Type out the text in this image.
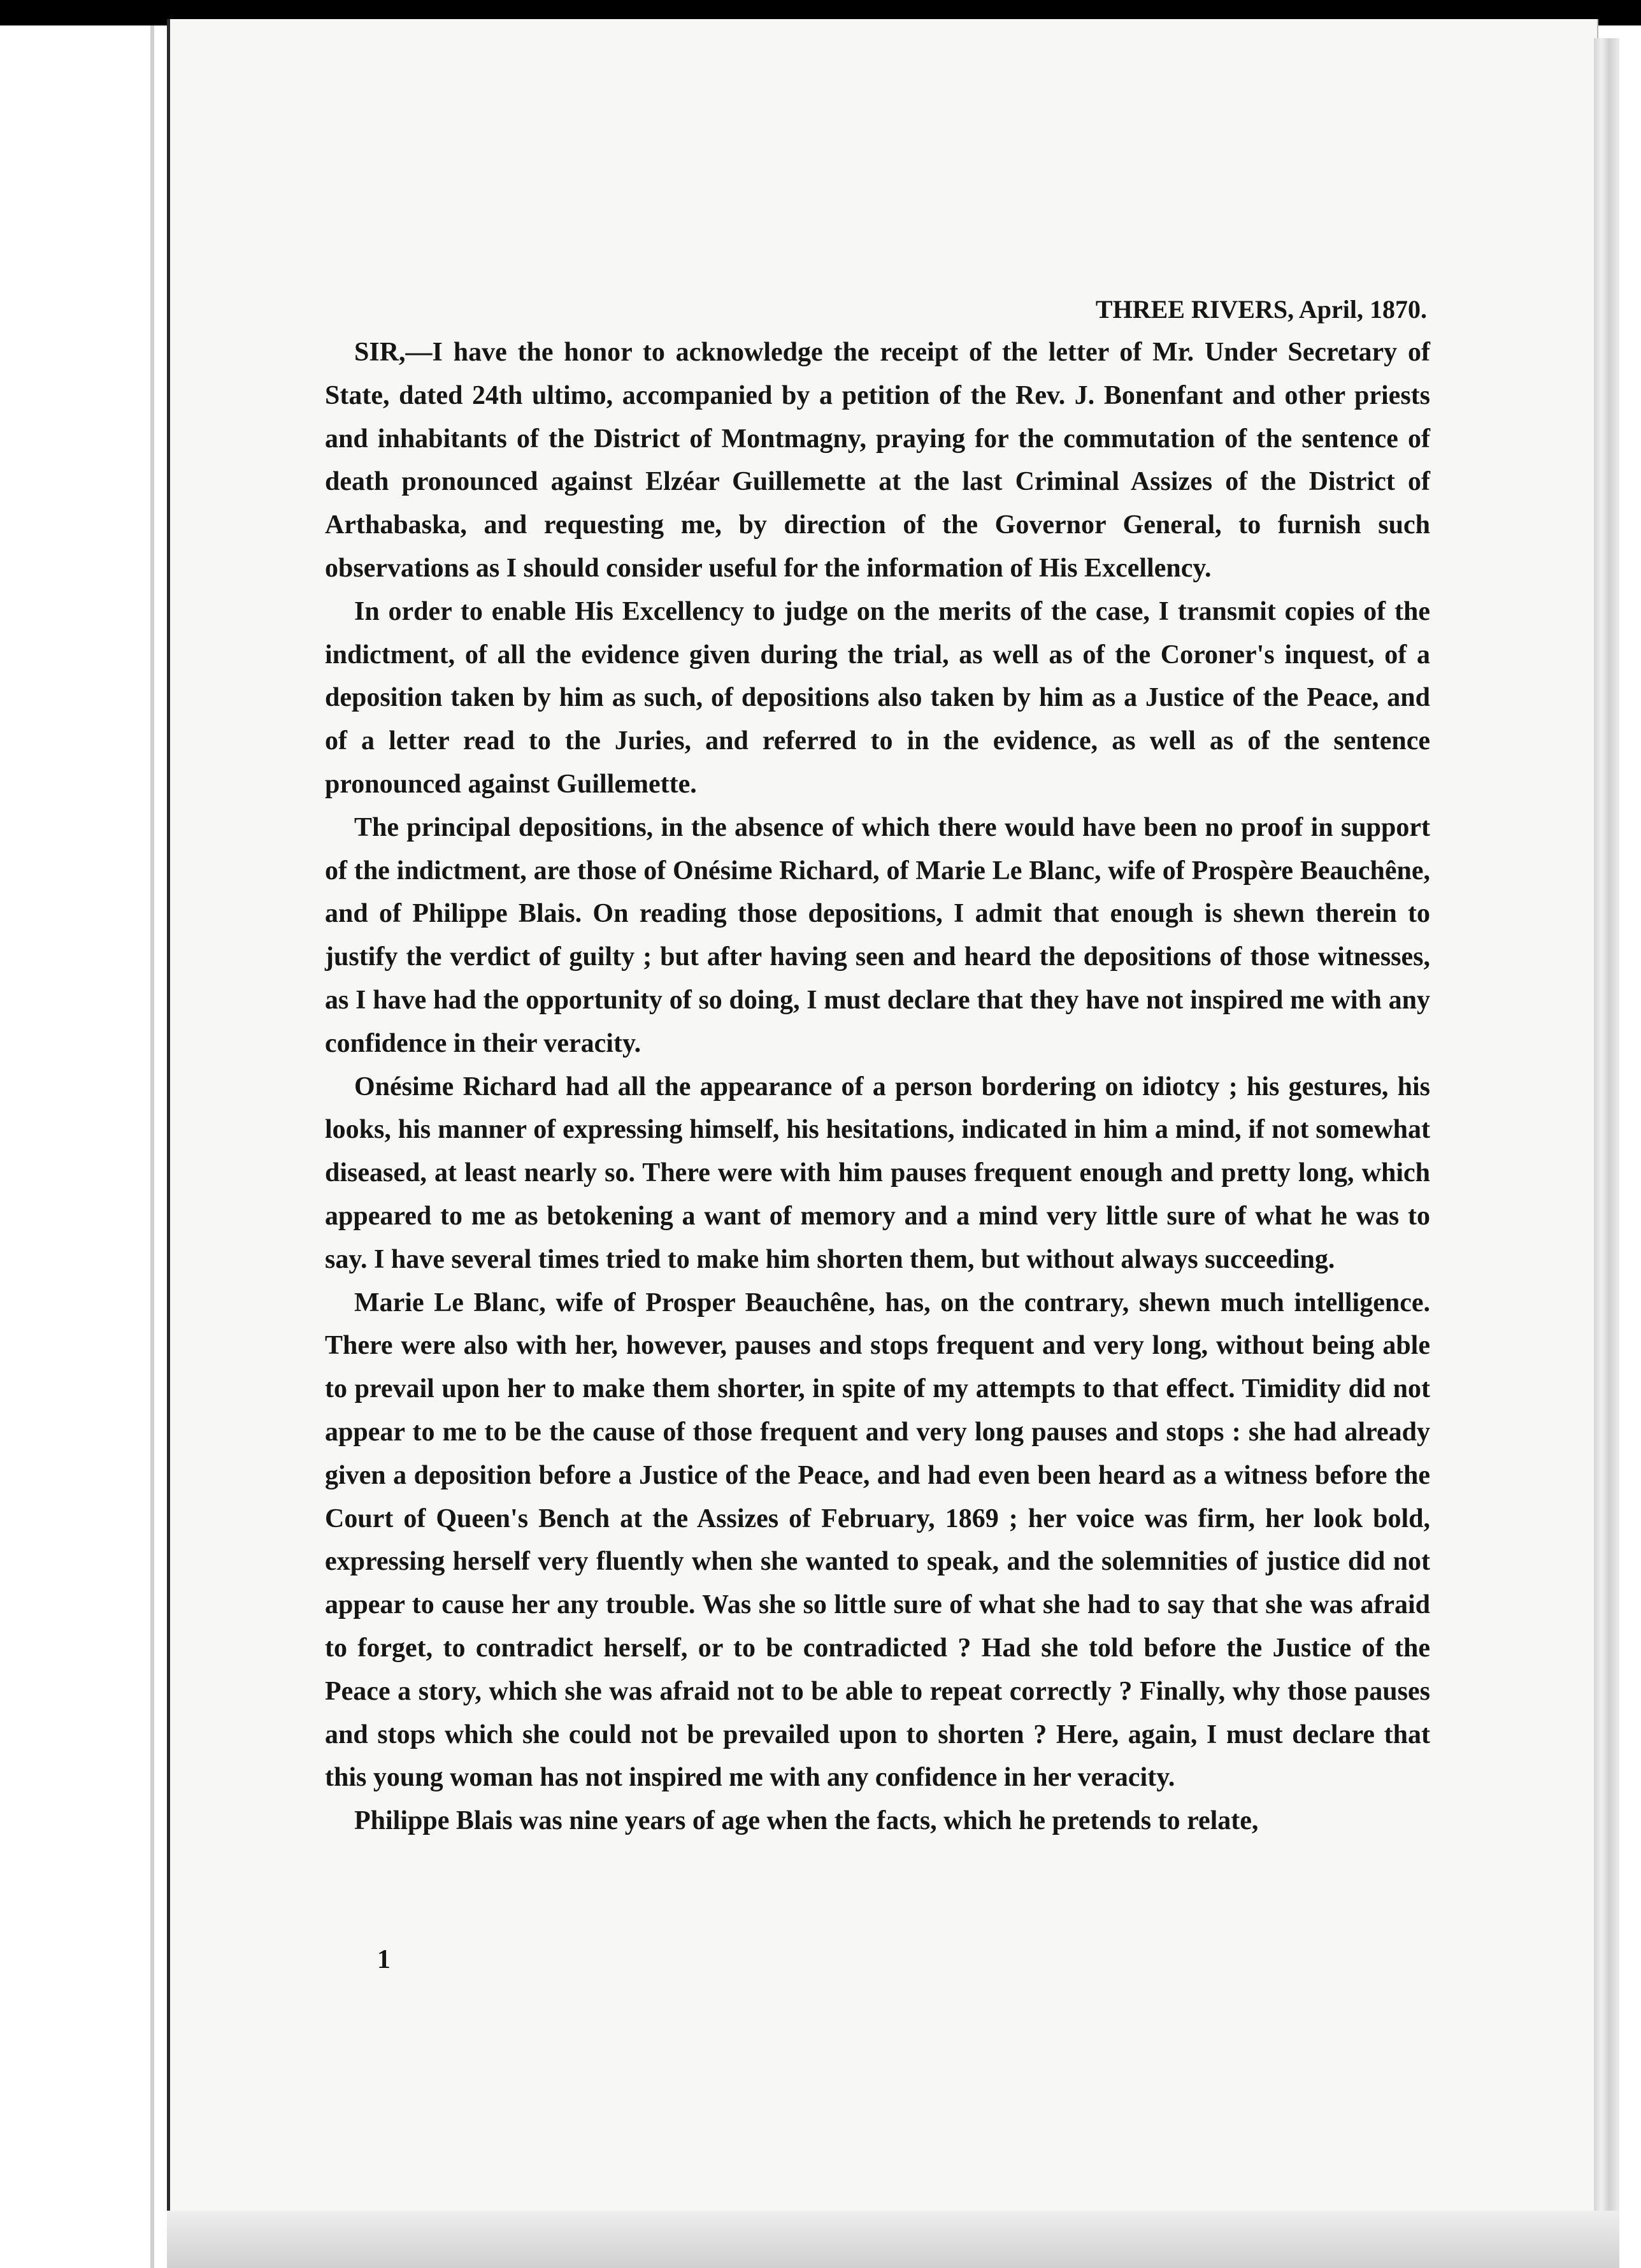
THREE RIVERS, April, 1870.

SIR,—I have the honor to acknowledge the receipt of the letter of Mr. Under Secretary of State, dated 24th ultimo, accompanied by a petition of the Rev. J. Bonenfant and other priests and inhabitants of the District of Montmagny, praying for the commutation of the sentence of death pronounced against Elzéar Guillemette at the last Criminal Assizes of the District of Arthabaska, and requesting me, by direction of the Governor General, to furnish such observations as I should consider useful for the information of His Excellency.

In order to enable His Excellency to judge on the merits of the case, I transmit copies of the indictment, of all the evidence given during the trial, as well as of the Coroner's inquest, of a deposition taken by him as such, of depositions also taken by him as a Justice of the Peace, and of a letter read to the Juries, and referred to in the evidence, as well as of the sentence pronounced against Guillemette.

The principal depositions, in the absence of which there would have been no proof in support of the indictment, are those of Onésime Richard, of Marie Le Blanc, wife of Prospère Beauchêne, and of Philippe Blais. On reading those depositions, I admit that enough is shewn therein to justify the verdict of guilty ; but after having seen and heard the depositions of those witnesses, as I have had the opportunity of so doing, I must declare that they have not inspired me with any confidence in their veracity.

Onésime Richard had all the appearance of a person bordering on idiotcy ; his gestures, his looks, his manner of expressing himself, his hesitations, indicated in him a mind, if not somewhat diseased, at least nearly so. There were with him pauses frequent enough and pretty long, which appeared to me as betokening a want of memory and a mind very little sure of what he was to say. I have several times tried to make him shorten them, but without always succeeding.

Marie Le Blanc, wife of Prosper Beauchêne, has, on the contrary, shewn much intelligence. There were also with her, however, pauses and stops frequent and very long, without being able to prevail upon her to make them shorter, in spite of my attempts to that effect. Timidity did not appear to me to be the cause of those frequent and very long pauses and stops : she had already given a deposition before a Justice of the Peace, and had even been heard as a witness before the Court of Queen's Bench at the Assizes of February, 1869 ; her voice was firm, her look bold, expressing herself very fluently when she wanted to speak, and the solemnities of justice did not appear to cause her any trouble. Was she so little sure of what she had to say that she was afraid to forget, to contradict herself, or to be contradicted ? Had she told before the Justice of the Peace a story, which she was afraid not to be able to repeat correctly ? Finally, why those pauses and stops which she could not be prevailed upon to shorten ? Here, again, I must declare that this young woman has not inspired me with any confidence in her veracity.

Philippe Blais was nine years of age when the facts, which he pretends to relate,

1
